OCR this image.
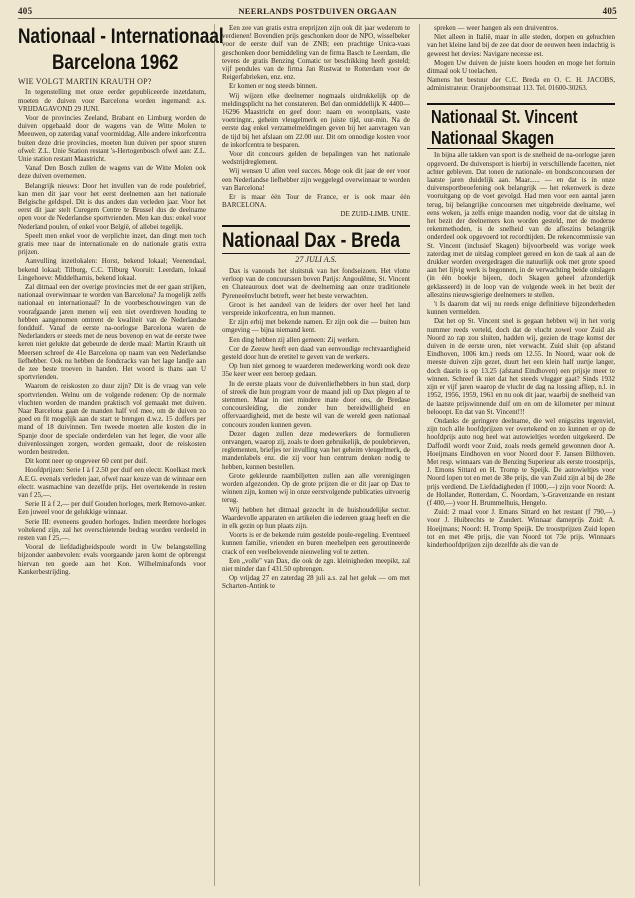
405	NEERLANDS POSTDUIVEN ORGAAN	405
Nationaal - Internationaal
Barcelona 1962
WIE VOLGT MARTIN KRAUTH OP?

In tegenstelling met onze eerder gepubliceerde inzetdatum, moeten de duiven voor Barcelona worden ingemand: a.s. VRIJDAGAVOND 29 JUNI.

Voor de provincies Zeeland, Brabant en Limburg worden de duiven opgehaald door de wagens van de Witte Molen te Meeuwen, op zaterdag vanaf voormiddag. Alle andere inkorfcentra buiten deze drie provincies, moeten hun duiven per spoor sturen ofwel: Z.L. Unie Station restant 's-Hertogenbosch ofwel aan: Z.L. Unie station restant Maastricht.

Vanaf Den Bosch zullen de wagens van de Witte Molen ook deze duiven overnemen.

Belangrijk nieuws: Door het invullen van de rode poulebrief, kan men dit jaar voor het eerst deelnemen aan het nationale Belgische geldspel. Dit is dus anders dan verleden jaar. Voor het eerst dit jaar stelt Curegem Centre te Brussel dus de deelname open voor de Nederlandse sportvrienden. Men kan dus: enkel voor Nederland poulen, of enkel voor België, of allebei tegelijk.

Speelt men enkel voor de verplichte inzet, dan dingt men toch gratis mee naar de internationale en de nationale gratis extra prijzen.

Aanvulling inzetlokalen: Horst, bekend lokaal; Veenendaal, bekend lokaal; Tilburg, C.C. Tilburg Vooruit: Leerdam, lokaal Lingehoeve: Middelharnis, bekend lokaal.

Zal ditmaal een der overige provincies met de eer gaan strijken, nationaal overwinnaar te worden van Barcelona? Ja mogelijk zelfs nationaal en internationaal? In de voorbeschouwingen van de voorafgaande jaren menen wij een niet overdreven houding te hebben aangenomen omtrent de kwaliteit van de Nederlandse fondduif. Vanaf de eerste na-oorlogse Barcelona waren de Nederlanders er steeds met de neus bovenop en wat de eerste twee keren niet gelukte dat gebeurde de derde maal: Martin Krauth uit Meersen schreef de 41e Barcelona op naam van een Nederlandse liefhebber. Ook nu hebben de fondcracks van het lage landje aan de zee beste troeven in handen. Het woord is thans aan U sportvrienden.

Waarom de reiskosten zo duur zijn? Dit is de vraag van vele sportvrienden. Welnu om de volgende redenen: Op de normale vluchten worden de manden praktisch vol gemaakt met duiven. Naar Barcelona gaan de manden half vol mee, om de duiven zo goed en fit mogelijk aan de start te brengen d.w.z. 15 doffers per mand of 18 duivinnen. Ten tweede moeten alle kosten die in Spanje door de speciale onderdelen van het leger, die voor alle duivenlossingen zorgen, worden gemaakt, door de reiskosten worden bestreden.

Dit komt neer op ongeveer 60 cent per duif.

Hoofdprijzen: Serie I à f 2.50 per duif een electr. Koelkast merk A.E.G. evenals verleden jaar, ofwel naar keuze van de winnaar een electr. wasmachine van dezelfde prijs. Het overtekende in resten van f 25,—.

Serie II à f 2,— per duif Gouden horloges, merk Removo-anker. Een juweel voor de gelukkige winnaar.

Serie III: eveneens gouden horloges. Indien meerdere horloges voltekend zijn, zal het overschietende bedrag worden verdeeld in resten van f 25,—.

Vooral de liefdadigheidspoule wordt in Uw belangstelling bijzonder aanbevolen: evals voorgaande jaren komt de opbrengst hiervan ten goede aan het Kon. Wilhelminafonds voor Kankerbestrijding.

Een zee van gratis extra ereprijzen zijn ook dit jaar wederom te verdienen! Bovendien prijs geschonken door de NPO, wisselbeker voor de eerste duif van de ZNB; een prachtige Unica-vaas geschonken door bemiddeling van de firma Basch te Leerdam, die tevens de gratis Benzing Comatic ter beschikking heeft gesteld; vijf pendules van de firma Jan Rustwat te Rotterdam voor de Reigerfabrieken, enz. enz.

Er komen er nog steeds binnen.

Wij wijzen elke deelnemer nogmaals uitdrukkelijk op de meldingsplicht na het constateren. Bel dan onmiddellijk K 4400—16296 Maastricht en geef door: naam en woonplaats, vaste voetringnr., geheim vleugelmerk en juiste tijd, uur-min. Na de eerste dag enkel verzamelmeldingen geven bij het aanvragen van de tijd bij het afslaan om 22.00 uur. Dit om onnodige kosten voor de inkorfcentra te besparen.

Voor dit concours gelden de bepalingen van het nationale wedstrijdreglement.

Wij wensen U allen veel succes. Moge ook dit jaar de eer voor een Nederlandse liefhebber zijn weggelegd overwinnaar te worden van Barcelona!

Er is maar één Tour de France, er is ook maar één BARCELONA.

DE ZUID-LIMB. UNIE.
Nationaal Dax - Breda
27 JULI A.S.

Dax is vanouds het sluitstuk van het fondseizoen. Het vlotte verloop van de concourssen boven Parijs: Angoulême, St. Vincent en Chateauroux doet wat de deelneming aan onze traditionele Pyreneeënvlucht betreft, weer het beste verwachten.

Groot is het aandeel van de leiders der over heel het land verspreide inkorfcentra, en hun mannen.

Er zijn erbij met bekende namen. Er zijn ook die — buiten hun omgeving — bijna niemand kent.

Een ding hebben zij allen gemeen: Zij werken.

Cor de Zeeuw heeft een daad van eenvoudige rechtvaardigheid gesteld door hun de eretitel te geven van de werkers.

Op hun niet genoeg te waarderen medewerking wordt ook deze 35e keer weer een beroep gedaan.

In de eerste plaats voor de duivenliefhebbers in hun stad, dorp of streek die hun program voor de maand juli op Dax plegen af te stemmen. Maar in niet mindere mate door ons, de Bredase concoursleiding, die zonder hun bereidwilligheid en offervaardigheid, met de beste wil van de wereld geen nationaal concours zouden kunnen geven.

Dezer dagen zullen deze medewerkers de formulieren ontvangen, waarop zij, zoals te doen gebruikelijk, de poulebrieven, reglementen, briefjes ter invulling van het geheim vleugelmerk, de mandenlabels enz. die zij voor hun centrum denken nodig te hebben, kunnen bestellen.

Grote gekleurde raambiljetten zullen aan alle verenigingen worden afgezonden. Op de grote prijzen die er dit jaar op Dax te winnen zijn, komen wij in onze eerstvolgende publicaties uitvoerig terug.

Wij hebben het ditmaal gezocht in de huishoudelijke sector. Waardevolle apparaten en artikelen die iedereen graag heeft en die in elk gezin op hun plaats zijn.

Voorts is er de bekende ruim gestelde poule-regeling. Eventueel kunnen familie, vrienden en buren meehelpen een geroutineerde crack of een veelbelovende nieuweling vol te zetten.

Een „volle" van Dax, die ook de zgn. kleinigheden meepikt, zal niet minder dan f 431.50 opbrengen.

Op vrijdag 27 en zaterdag 28 juli a.s. zal het geluk — om met Scharten-Antink te

spreken — weer hangen als een druiventros.

Niet alleen in Italië, maar in alle steden, dorpen en gehuchten van het kleine land bij de zee dat door de eeuwen heen indachtig is geweest het devies: Navigare necesse est.

Mogen Uw duiven de juiste koers houden en moge het fortuin ditmaal ook U toelachen.

Namens het bestuur der C.C. Breda en O. C. H. JACOBS, administrateur. Oranjeboomstraat 113. Tel. 01600-30263.

Nationaal St. Vincent
Nationaal Skagen

In bijna alle takken van sport is de snelheid de na-oorlogse jaren opgevoerd. De duivensport is hierbij in verschillende facetten, niet achter gebleven. Dat tonen de nationale- en bondsconcoursen der laatste jaren duidelijk aan. Maar...... — en dat is in onze duivensportbeoefening ook belangrijk — het rekenwerk is deze vooruitgang op de voet gevolgd. Had men voor een aantal jaren terug, bij belangrijke concoursen met uitgebreide deelname, wel eens weken, ja zelfs enige maanden nodig, voor dat de uitslag in het bezit der deelnemers kon worden gesteld, met de moderne rekenmethoden, is de snelheid van de afleszins belangrijk onderdeel ook opgevoerd tot recordtijden. De rekencommissie van St. Vincent (inclusief Skagen) bijvoorbeeld was vorige week zaterdag met de uitslag compleet gereed en kon de taak al aan de drukker worden overgedragen die natuurlijk ook met grote spoed aan het lijvig werk is begonnen, in de verwachting beide uitslagen (in één boekje bijeen, doch Skagen geheel afzonderlijk geklasseerd) in de loop van de volgende week in het bezit der alleszins nieuwsgierige deelnemers te stellen.

't Is daarom dat wij nu reeds enige definitieve bijzonderheden kunnen vermelden.

Dat het op St. Vincent snel is gegaan hebben wij in het vorig nummer reeds verteld, doch dat de vlucht zowel voor Zuid als Noord zo rap zou sluiten, hadden wij, gezien de trage komst der duiven in de eerste uren, niet verwacht. Zuid sluit (op afstand Eindhoven, 1006 km.) reeds om 12.55. In Noord, waar ook de meeste duiven zijn gezet, duurt het een klein half uurtje langer, doch daarin is op 13.25 (afstand Eindhoven) een prijsje meer te winnen. Schreef ik niet dat het steeds vlugger gaat? Sinds 1932 zijn er vijf jaren waarop de vlucht de dag na lossing afliep, n.l. in 1952, 1956, 1959, 1961 en nu ook dit jaar, waarbij de snelheid van de laatste prijswinnende duif om en om de kilometer per minuut belooopt. En dat van St. Vincent!!!

Ondanks de geringere deelname, die wel enigszins tegenviel, zijn toch alle hoofdprijzen ver overtekend en zo kunnen er op de hoofdprijs auto nog heel wat autowieltjes worden uitgekeerd. De Daffodil wordt voor Zuid, zoals reeds gemeld gewonnen door A. Hoeijmans Eindhoven en voor Noord door F. Jansen Bilthoven. Met resp. winnaars van de Benzing Superieur als eerste troostprijs, J. Emons Sittard en H. Tromp te Speijk. De autowieltjes voor Noord lopen tot en met de 38e prijs, die van Zuid zijn al bij de 28e prijs verdiend. De Liefdadigheden (f 1000,—) zijn voor Noord: A. de Hollander, Rotterdam, C. Noordam, 's-Gravenzande en restant (f 400,—) voor H. Brummelhuis, Hengelo.

Zuid: 2 maal voor J. Emans Sittard en het restant (f 790,—) voor J. Huibrechts te Zundert. Winnaar dameprijs Zuid: A. Hoeijmans; Noord: H. Tromp Speijk. De troostprijzen Zuid lopen tot en met 49e prijs, die van Noord tot 73e prijs. Winnaars kinderhoofdprijzen zijn dezelfde als die van de
